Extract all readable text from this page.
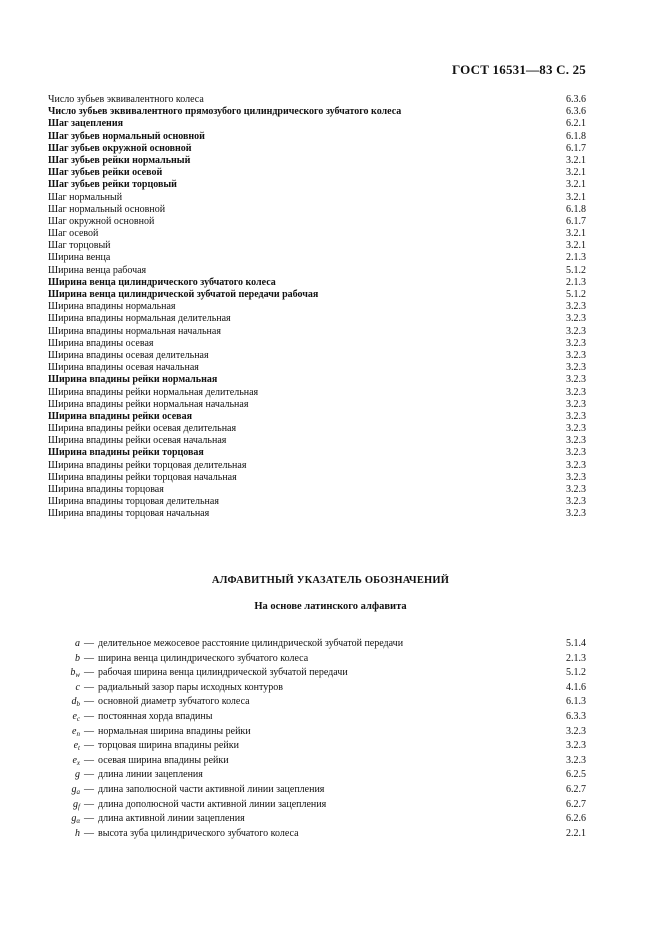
ГОСТ 16531—83 С. 25
Число зубьев эквивалентного колеса	6.3.6
Число зубьев эквивалентного прямозубого цилиндрического зубчатого колеса	6.3.6
Шаг зацепления	6.2.1
Шаг зубьев нормальный основной	6.1.8
Шаг зубьев окружной основной	6.1.7
Шаг зубьев рейки нормальный	3.2.1
Шаг зубьев рейки осевой	3.2.1
Шаг зубьев рейки торцовый	3.2.1
Шаг нормальный	3.2.1
Шаг нормальный основной	6.1.8
Шаг окружной основной	6.1.7
Шаг осевой	3.2.1
Шаг торцовый	3.2.1
Ширина венца	2.1.3
Ширина венца рабочая	5.1.2
Ширина венца цилиндрического зубчатого колеса	2.1.3
Ширина венца цилиндрической зубчатой передачи рабочая	5.1.2
Ширина впадины нормальная	3.2.3
Ширина впадины нормальная делительная	3.2.3
Ширина впадины нормальная начальная	3.2.3
Ширина впадины осевая	3.2.3
Ширина впадины осевая делительная	3.2.3
Ширина впадины осевая начальная	3.2.3
Ширина впадины рейки нормальная	3.2.3
Ширина впадины рейки нормальная делительная	3.2.3
Ширина впадины рейки нормальная начальная	3.2.3
Ширина впадины рейки осевая	3.2.3
Ширина впадины рейки осевая делительная	3.2.3
Ширина впадины рейки осевая начальная	3.2.3
Ширина впадины рейки торцовая	3.2.3
Ширина впадины рейки торцовая делительная	3.2.3
Ширина впадины рейки торцовая начальная	3.2.3
Ширина впадины торцовая	3.2.3
Ширина впадины торцовая делительная	3.2.3
Ширина впадины торцовая начальная	3.2.3
АЛФАВИТНЫЙ УКАЗАТЕЛЬ ОБОЗНАЧЕНИЙ
На основе латинского алфавита
a — делительное межосевое расстояние цилиндрической зубчатой передачи	5.1.4
b — ширина венца цилиндрического зубчатого колеса	2.1.3
$b_w$ — рабочая ширина венца цилиндрической зубчатой передачи	5.1.2
c — радиальный зазор пары исходных контуров	4.1.6
$d_b$ — основной диаметр зубчатого колеса	6.1.3
$e_c$ — постоянная хорда впадины	6.3.3
$e_n$ — нормальная ширина впадины рейки	3.2.3
$e_t$ — торцовая ширина впадины рейки	3.2.3
$e_x$ — осевая ширина впадины рейки	3.2.3
g — длина линии зацепления	6.2.5
$g_a$ — длина заполюсной части активной линии зацепления	6.2.7
$g_f$ — длина дополюсной части активной линии зацепления	6.2.7
$g_\alpha$ — длина активной линии зацепления	6.2.6
h — высота зуба цилиндрического зубчатого колеса	2.2.1
